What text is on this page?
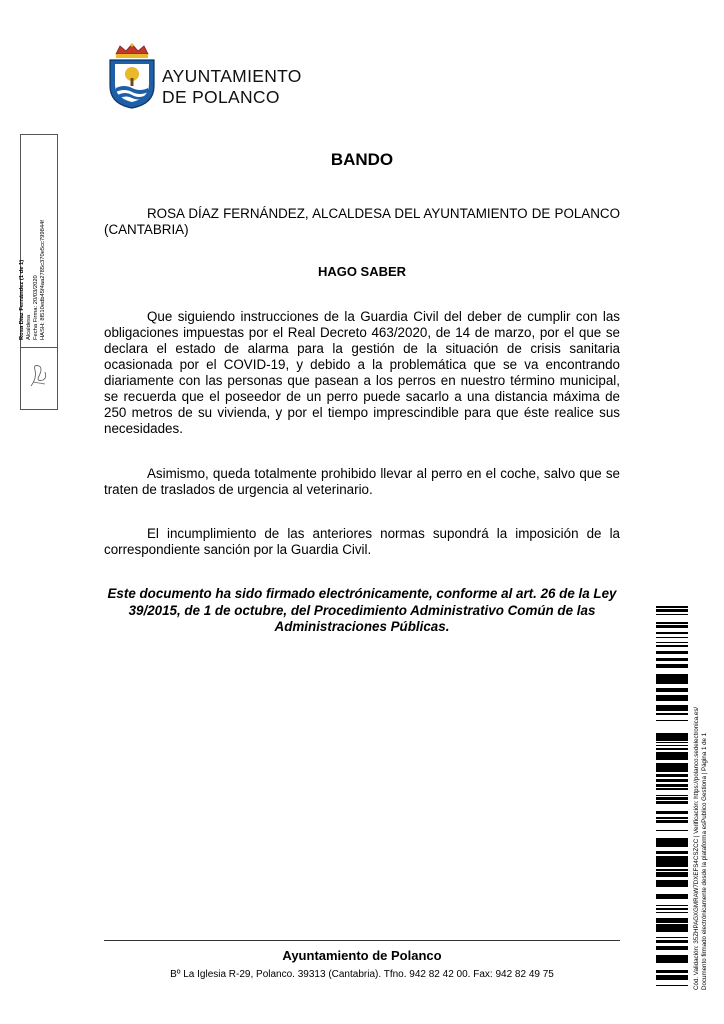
AYUNTAMIENTO
DE POLANCO
Rosa Díaz Fernández (1 de 1) Alcaldesa Fecha Firma: 20/03/2020 HASH: 8f510edb45f4aa2785c370e5cc799844f
BANDO
ROSA DÍAZ FERNÁNDEZ, ALCALDESA DEL AYUNTAMIENTO DE POLANCO (CANTABRIA)
HAGO SABER
Que siguiendo instrucciones de la Guardia Civil del deber de cumplir con las obligaciones impuestas por el Real Decreto 463/2020, de 14 de marzo, por el que se declara el estado de alarma para la gestión de la situación de crisis sanitaria ocasionada por el COVID-19, y debido a la problemática que se va encontrando diariamente con las personas que pasean a los perros en nuestro término municipal, se recuerda que el poseedor de un perro puede sacarlo a una distancia máxima de 250 metros de su vivienda, y por el tiempo imprescindible para que éste realice sus necesidades.
Asimismo, queda totalmente prohibido llevar al perro en el coche, salvo que se traten de traslados de urgencia al veterinario.
El incumplimiento de las anteriores normas supondrá la imposición de la correspondiente sanción por la Guardia Civil.
Este documento ha sido firmado electrónicamente, conforme al art. 26 de la Ley 39/2015, de 1 de octubre, del Procedimiento Administrativo Común de las Administraciones Públicas.
Cód. Validación: 35ZHPAGXGMRAW7DXEFS4CSZCC | Verificación: https://polanco.sedelectronica.es/ Documento firmado electrónicamente desde la plataforma esPublico Gestiona | Página 1 de 1
Ayuntamiento de Polanco
Bº La Iglesia R-29, Polanco. 39313 (Cantabria). Tfno. 942 82 42 00. Fax: 942 82 49 75
